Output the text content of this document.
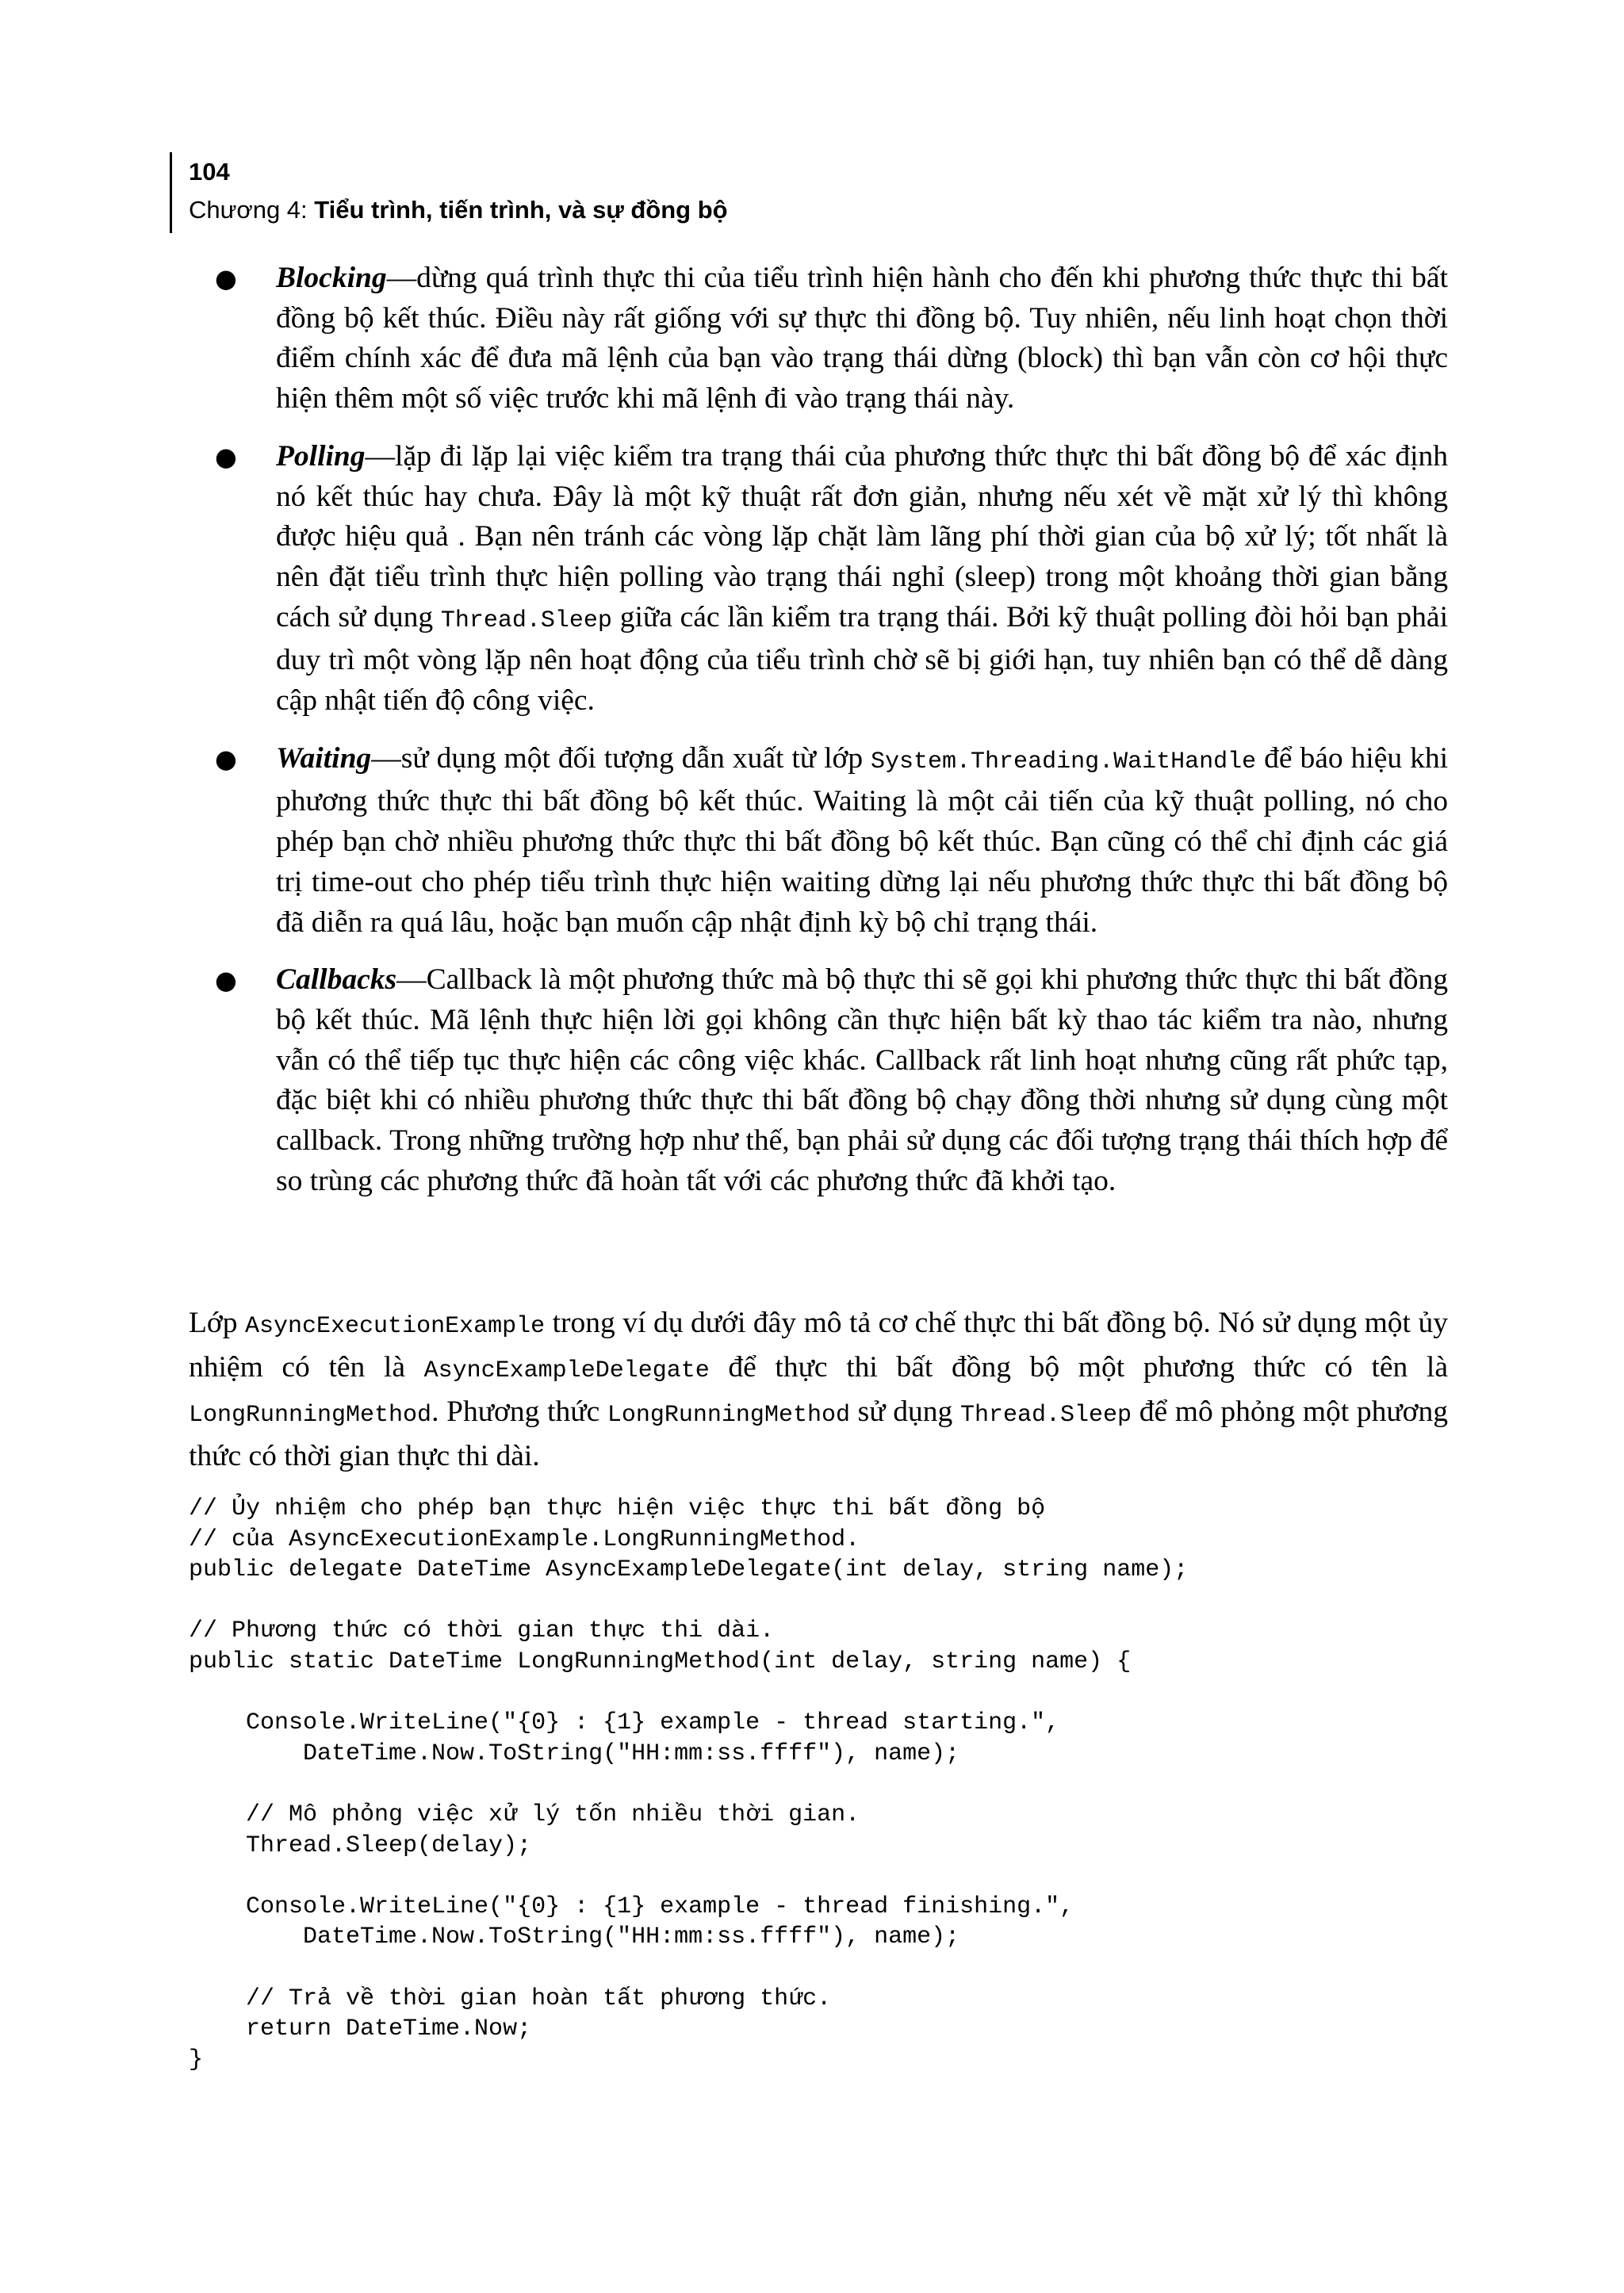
104
Chương 4: Tiểu trình, tiến trình, và sự đồng bộ
● Blocking—dừng quá trình thực thi của tiểu trình hiện hành cho đến khi phương thức thực thi bất đồng bộ kết thúc. Điều này rất giống với sự thực thi đồng bộ. Tuy nhiên, nếu linh hoạt chọn thời điểm chính xác để đưa mã lệnh của bạn vào trạng thái dừng (block) thì bạn vẫn còn cơ hội thực hiện thêm một số việc trước khi mã lệnh đi vào trạng thái này.
● Polling—lặp đi lặp lại việc kiểm tra trạng thái của phương thức thực thi bất đồng bộ để xác định nó kết thúc hay chưa. Đây là một kỹ thuật rất đơn giản, nhưng nếu xét về mặt xử lý thì không được hiệu quả . Bạn nên tránh các vòng lặp chặt làm lãng phí thời gian của bộ xử lý; tốt nhất là nên đặt tiểu trình thực hiện polling vào trạng thái nghỉ (sleep) trong một khoảng thời gian bằng cách sử dụng Thread.Sleep giữa các lần kiểm tra trạng thái. Bởi kỹ thuật polling đòi hỏi bạn phải duy trì một vòng lặp nên hoạt động của tiểu trình chờ sẽ bị giới hạn, tuy nhiên bạn có thể dễ dàng cập nhật tiến độ công việc.
● Waiting—sử dụng một đối tượng dẫn xuất từ lớp System.Threading.WaitHandle để báo hiệu khi phương thức thực thi bất đồng bộ kết thúc. Waiting là một cải tiến của kỹ thuật polling, nó cho phép bạn chờ nhiều phương thức thực thi bất đồng bộ kết thúc. Bạn cũng có thể chỉ định các giá trị time-out cho phép tiểu trình thực hiện waiting dừng lại nếu phương thức thực thi bất đồng bộ đã diễn ra quá lâu, hoặc bạn muốn cập nhật định kỳ bộ chỉ trạng thái.
● Callbacks—Callback là một phương thức mà bộ thực thi sẽ gọi khi phương thức thực thi bất đồng bộ kết thúc. Mã lệnh thực hiện lời gọi không cần thực hiện bất kỳ thao tác kiểm tra nào, nhưng vẫn có thể tiếp tục thực hiện các công việc khác. Callback rất linh hoạt nhưng cũng rất phức tạp, đặc biệt khi có nhiều phương thức thực thi bất đồng bộ chạy đồng thời nhưng sử dụng cùng một callback. Trong những trường hợp như thế, bạn phải sử dụng các đối tượng trạng thái thích hợp để so trùng các phương thức đã hoàn tất với các phương thức đã khởi tạo.

Lớp AsyncExecutionExample trong ví dụ dưới đây mô tả cơ chế thực thi bất đồng bộ. Nó sử dụng một ủy nhiệm có tên là AsyncExampleDelegate để thực thi bất đồng bộ một phương thức có tên là LongRunningMethod. Phương thức LongRunningMethod sử dụng Thread.Sleep để mô phỏng một phương thức có thời gian thực thi dài.

// Ủy nhiệm cho phép bạn thực hiện việc thực thi bất đồng bộ
// của AsyncExecutionExample.LongRunningMethod.
public delegate DateTime AsyncExampleDelegate(int delay, string name);
// Phương thức có thời gian thực thi dài.
public static DateTime LongRunningMethod(int delay, string name) {
Console.WriteLine("{0} : {1} example - thread starting.",
DateTime.Now.ToString("HH:mm:ss.ffff"), name);
// Mô phỏng việc xử lý tốn nhiều thời gian.
Thread.Sleep(delay);
Console.WriteLine("{0} : {1} example - thread finishing.",
DateTime.Now.ToString("HH:mm:ss.ffff"), name);
// Trả về thời gian hoàn tất phương thức.
return DateTime.Now;
}
